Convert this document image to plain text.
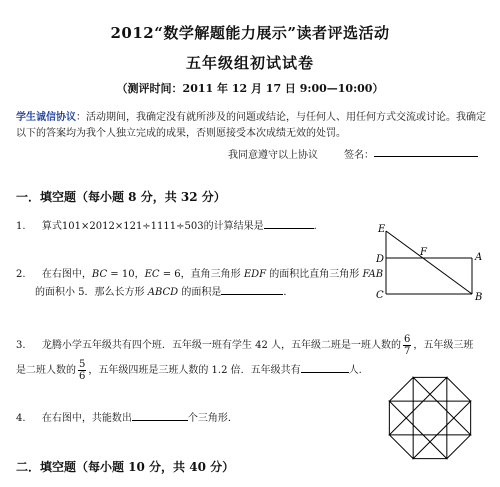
2012“数学解题能力展示”读者评选活动
五年级组初试试卷
（测评时间：2011 年 12 月 17 日 9:00—10:00）
学生诚信协议：活动期间，我确定没有就所涉及的问题或结论，与任何人、用任何方式交流或讨论。我确定以下的答案均为我个人独立完成的成果，否则愿接受本次成绩无效的处罚。
我同意遵守以上协议	签名：
一．填空题（每小题 8 分，共 32 分）
1. 算式101×2012×121÷1111÷503的计算结果是	．
2. 在右图中，BC = 10，EC = 6，直角三角形 EDF 的面积比直角三角形 FAB
的面积小 5．那么长方形 ABCD 的面积是	．
E
F
D	A
C	B
3. 龙腾小学五年级共有四个班．五年级一班有学生 42 人，五年级二班是一班人数的 $\frac{6}{7}$ ，五年级三班
是二班人数的 $\frac{5}{6}$ ，五年级四班是三班人数的 1.2 倍．五年级共有	人.
4. 在右图中，共能数出	个三角形．
二．填空题（每小题 10 分，共 40 分）
